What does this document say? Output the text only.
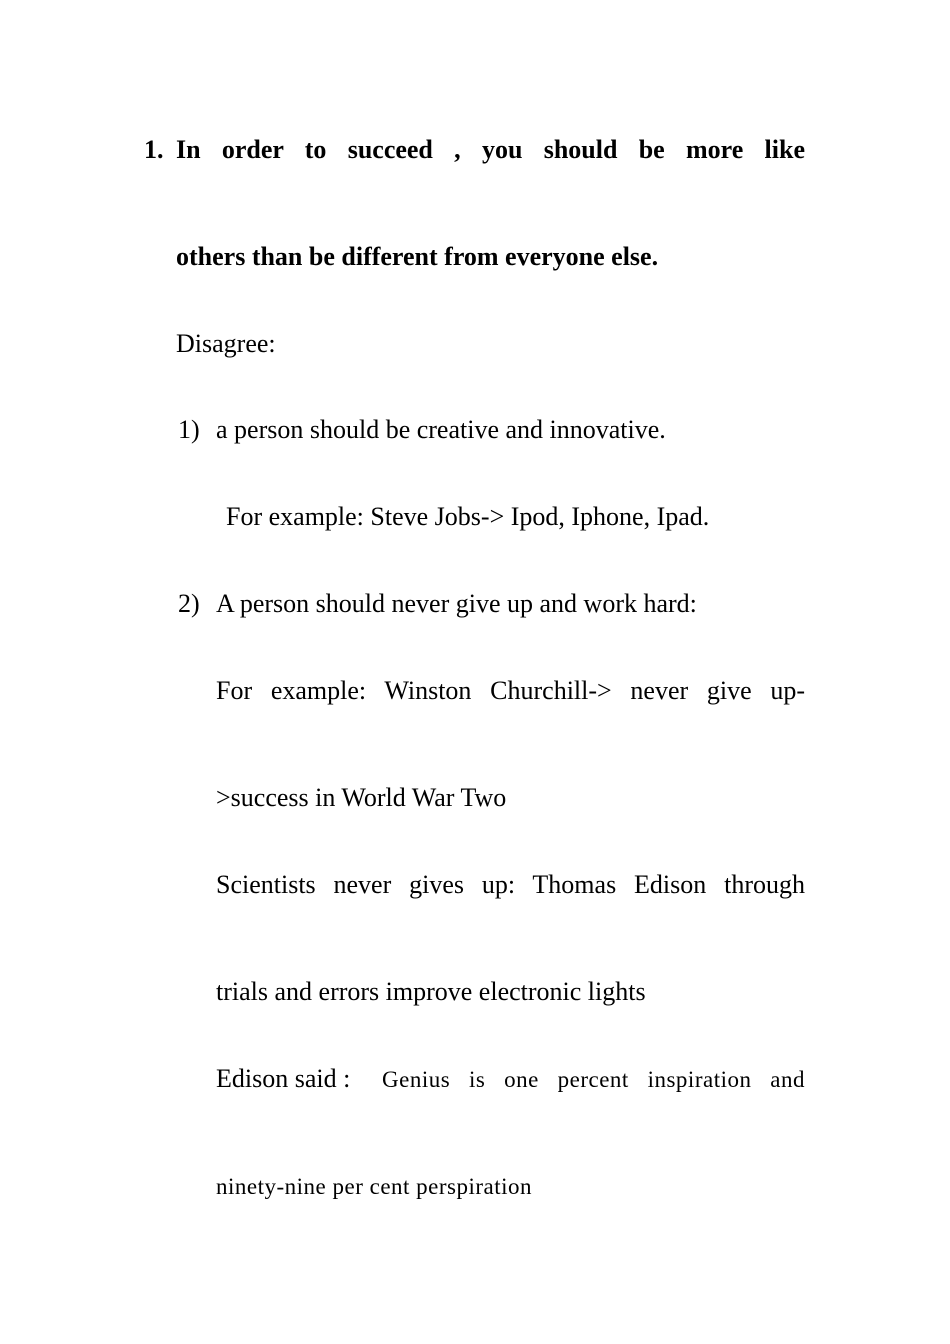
1. In order to succeed , you should be more like
others than be different from everyone else.
Disagree:
1) a person should be creative and innovative.
For example: Steve Jobs-> Ipod, Iphone, Ipad.
2) A person should never give up and work hard:
For example: Winston Churchill-> never give up-
>success in World War Two
Scientists never gives up: Thomas Edison through
trials and errors improve electronic lights
Edison said : Genius is one percent inspiration and
ninety-nine per cent perspiration
